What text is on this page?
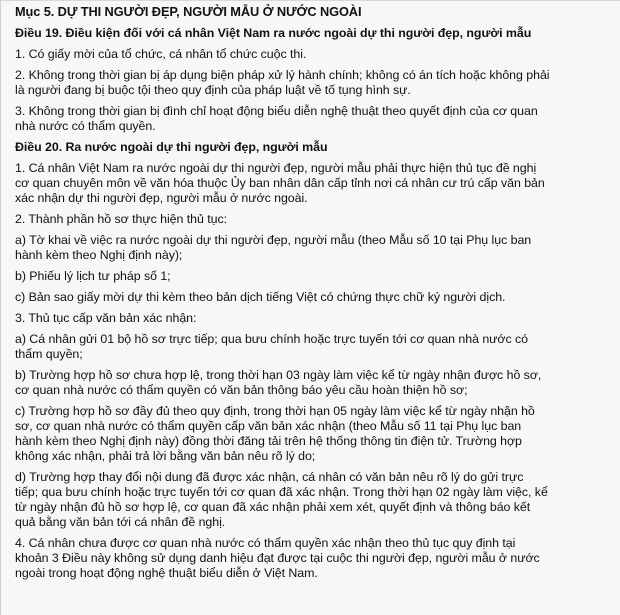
Mục 5. DỰ THI NGƯỜI ĐẸP, NGƯỜI MẪU Ở NƯỚC NGOÀI
Điều 19. Điều kiện đối với cá nhân Việt Nam ra nước ngoài dự thi người đẹp, người mẫu
1. Có giấy mời của tổ chức, cá nhân tổ chức cuộc thi.
2. Không trong thời gian bị áp dụng biện pháp xử lý hành chính; không có án tích hoặc không phải
là người đang bị buộc tội theo quy định của pháp luật về tố tụng hình sự.
3. Không trong thời gian bị đình chỉ hoạt động biểu diễn nghệ thuật theo quyết định của cơ quan
nhà nước có thẩm quyền.
Điều 20. Ra nước ngoài dự thi người đẹp, người mẫu
1. Cá nhân Việt Nam ra nước ngoài dự thi người đẹp, người mẫu phải thực hiện thủ tục đề nghị
cơ quan chuyên môn về văn hóa thuộc Ủy ban nhân dân cấp tỉnh nơi cá nhân cư trú cấp văn bản
xác nhận dự thi người đẹp, người mẫu ở nước ngoài.
2. Thành phần hồ sơ thực hiện thủ tục:
a) Tờ khai về việc ra nước ngoài dự thi người đẹp, người mẫu (theo Mẫu số 10 tại Phụ lục ban
hành kèm theo Nghị định này);
b) Phiếu lý lịch tư pháp số 1;
c) Bản sao giấy mời dự thi kèm theo bản dịch tiếng Việt có chứng thực chữ ký người dịch.
3. Thủ tục cấp văn bản xác nhận:
a) Cá nhân gửi 01 bộ hồ sơ trực tiếp; qua bưu chính hoặc trực tuyến tới cơ quan nhà nước có
thẩm quyền;
b) Trường hợp hồ sơ chưa hợp lệ, trong thời hạn 03 ngày làm việc kể từ ngày nhận được hồ sơ,
cơ quan nhà nước có thẩm quyền có văn bản thông báo yêu cầu hoàn thiện hồ sơ;
c) Trường hợp hồ sơ đầy đủ theo quy định, trong thời hạn 05 ngày làm việc kể từ ngày nhận hồ
sơ, cơ quan nhà nước có thẩm quyền cấp văn bản xác nhận (theo Mẫu số 11 tại Phụ lục ban
hành kèm theo Nghị định này) đồng thời đăng tải trên hệ thống thông tin điện tử. Trường hợp
không xác nhận, phải trả lời bằng văn bản nêu rõ lý do;
d) Trường hợp thay đổi nội dung đã được xác nhận, cá nhân có văn bản nêu rõ lý do gửi trực
tiếp; qua bưu chính hoặc trực tuyến tới cơ quan đã xác nhận. Trong thời hạn 02 ngày làm việc, kể
từ ngày nhận đủ hồ sơ hợp lệ, cơ quan đã xác nhận phải xem xét, quyết định và thông báo kết
quả bằng văn bản tới cá nhân đề nghị.
4. Cá nhân chưa được cơ quan nhà nước có thẩm quyền xác nhận theo thủ tục quy định tại
khoản 3 Điều này không sử dụng danh hiệu đạt được tại cuộc thi người đẹp, người mẫu ở nước
ngoài trong hoạt động nghệ thuật biểu diễn ở Việt Nam.
